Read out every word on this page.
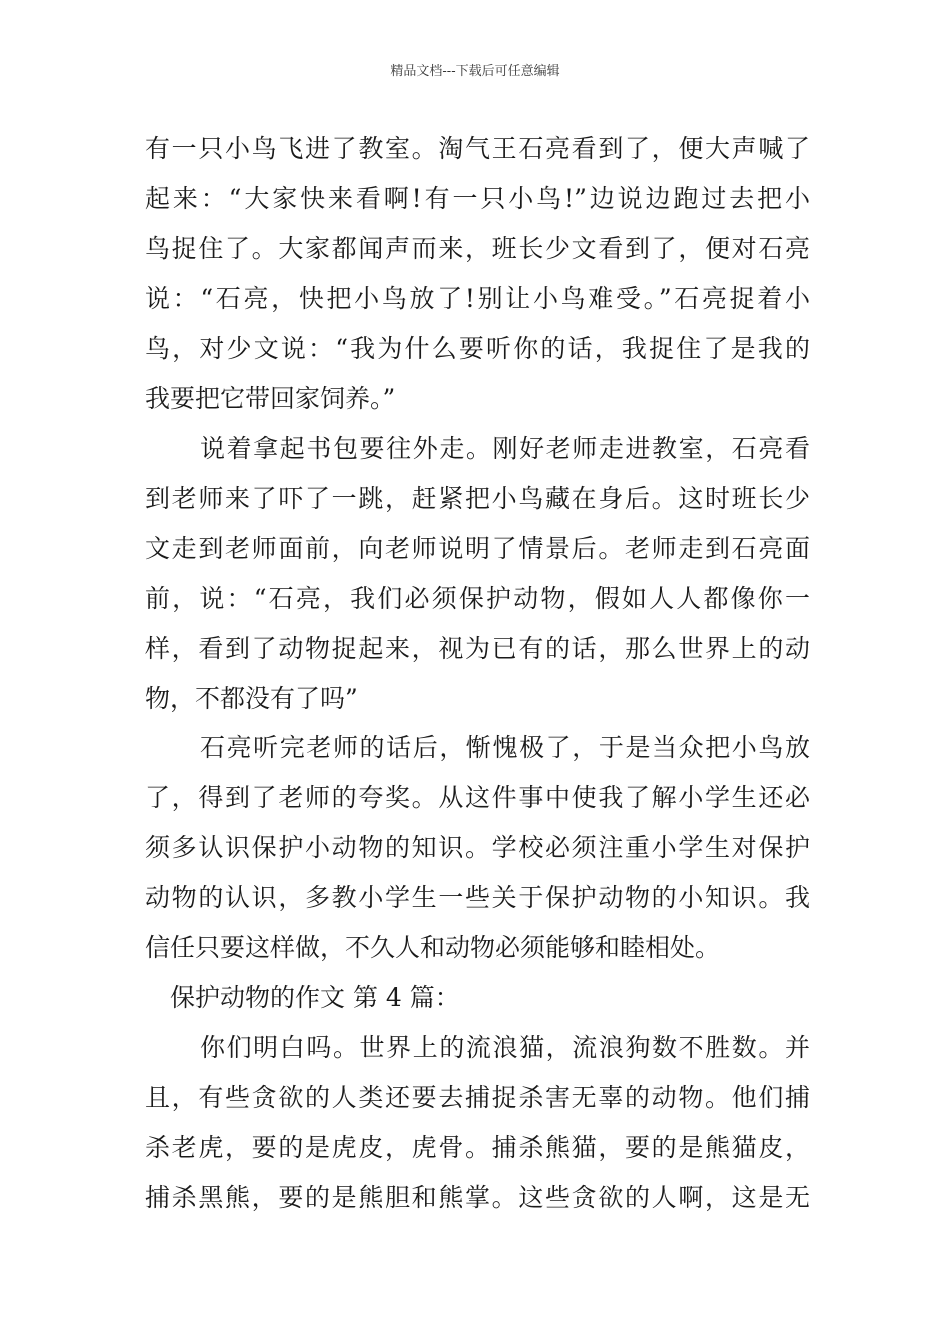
精品文档---下载后可任意编辑
有一只小鸟飞进了教室。淘气王石亮看到了，便大声喊了
起来：“大家快来看啊!有一只小鸟!”边说边跑过去把小
鸟捉住了。大家都闻声而来，班长少文看到了，便对石亮
说：“石亮，快把小鸟放了!别让小鸟难受。”石亮捉着小
鸟，对少文说：“我为什么要听你的话，我捉住了是我的
我要把它带回家饲养。”
说着拿起书包要往外走。刚好老师走进教室，石亮看
到老师来了吓了一跳，赶紧把小鸟藏在身后。这时班长少
文走到老师面前，向老师说明了情景后。老师走到石亮面
前，说：“石亮，我们必须保护动物，假如人人都像你一
样，看到了动物捉起来，视为已有的话，那么世界上的动
物，不都没有了吗”
石亮听完老师的话后，惭愧极了，于是当众把小鸟放
了，得到了老师的夸奖。从这件事中使我了解小学生还必
须多认识保护小动物的知识。学校必须注重小学生对保护
动物的认识，多教小学生一些关于保护动物的小知识。我
信任只要这样做，不久人和动物必须能够和睦相处。
保护动物的作文 第 4 篇：
你们明白吗。世界上的流浪猫，流浪狗数不胜数。并
且，有些贪欲的人类还要去捕捉杀害无辜的动物。他们捕
杀老虎，要的是虎皮，虎骨。捕杀熊猫，要的是熊猫皮，
捕杀黑熊，要的是熊胆和熊掌。这些贪欲的人啊，这是无
